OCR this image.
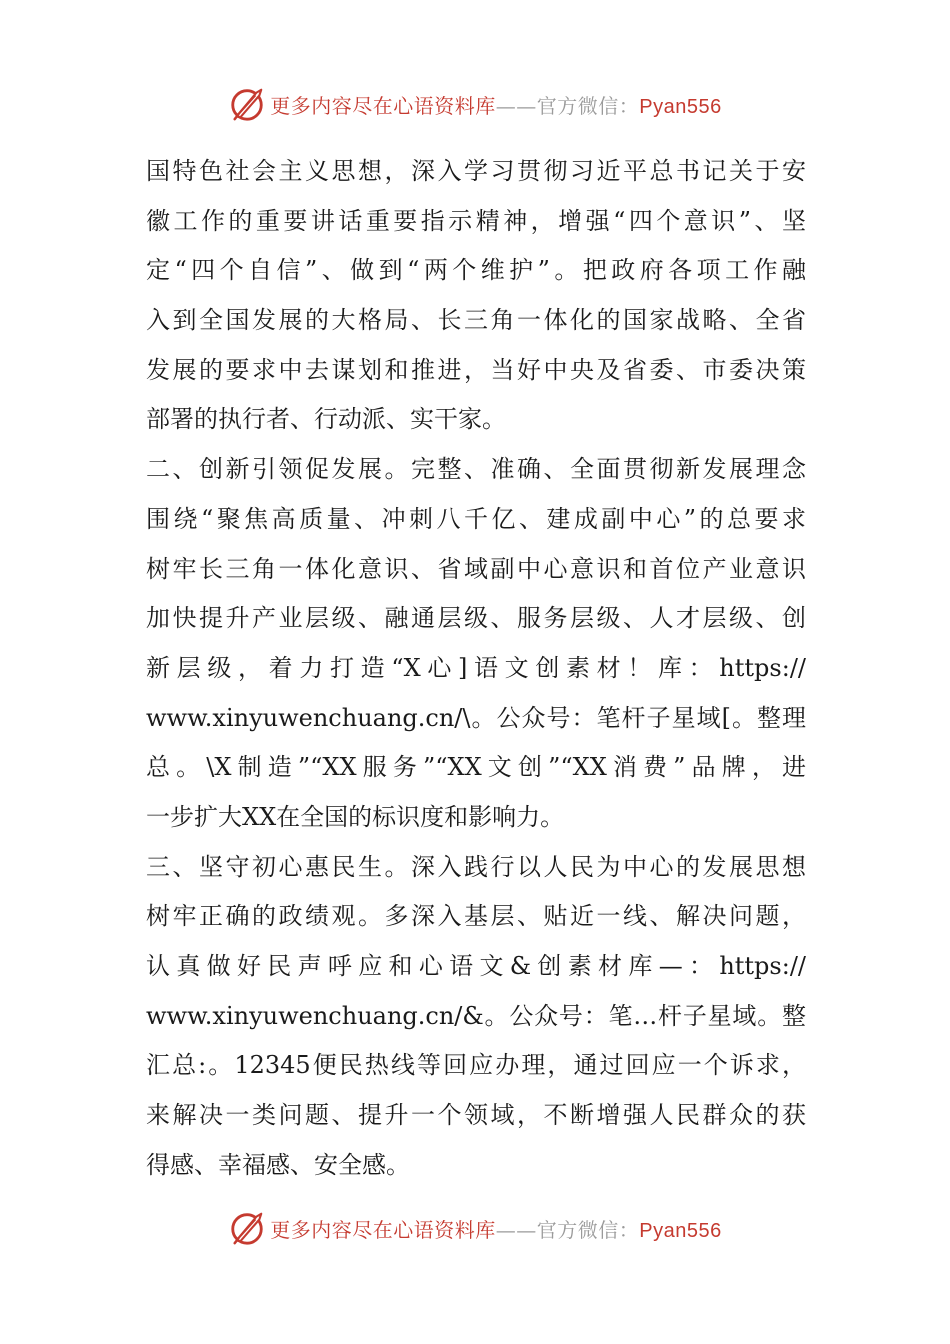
更多内容尽在心语资料库——官方微信：Pyan556
国特色社会主义思想，深入学习贯彻习近平总书记关于安
徽工作的重要讲话重要指示精神，增强“四个意识”、坚
定“四个自信”、做到“两个维护”。把政府各项工作融
入到全国发展的大格局、长三角一体化的国家战略、全省
发展的要求中去谋划和推进，当好中央及省委、市委决策
部署的执行者、行动派、实干家。
二、创新引领促发展。完整、准确、全面贯彻新发展理念
围绕“聚焦高质量、冲刺八千亿、建成副中心”的总要求
树牢长三角一体化意识、省域副中心意识和首位产业意识
加快提升产业层级、融通层级、服务层级、人才层级、创
新层级，着力打造“X心]语文创素材！库：https://
www.xinyuwenchuang.cn/\。公众号：笔杆子星域[。整理
总。\X制造”“XX服务”“XX文创”“XX消费”品牌，进
一步扩大XX在全国的标识度和影响力。
三、坚守初心惠民生。深入践行以人民为中心的发展思想
树牢正确的政绩观。多深入基层、贴近一线、解决问题，
认真做好民声呼应和心语文&创素材库—：https://
www.xinyuwenchuang.cn/&。公众号：笔…杆子星域。整
汇总:。12345便民热线等回应办理，通过回应一个诉求，
来解决一类问题、提升一个领域，不断增强人民群众的获
得感、幸福感、安全感。
更多内容尽在心语资料库——官方微信：Pyan556
